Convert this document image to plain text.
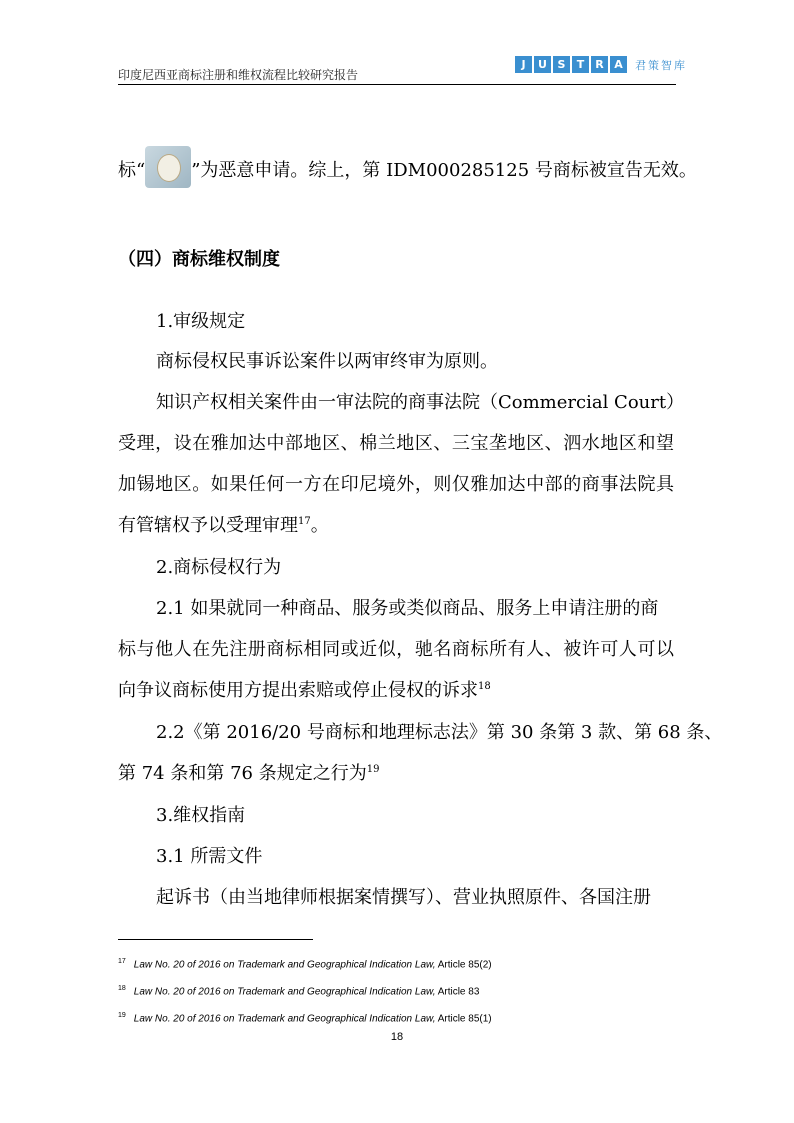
印度尼西亚商标注册和维权流程比较研究报告
J	U S	T	R A	君策智库
标“	”为恶意申请。综上，第 IDM000285125 号商标被宣告无效。
（四）商标维权制度
1.审级规定
商标侵权民事诉讼案件以两审终审为原则。
知识产权相关案件由一审法院的商事法院（Commercial Court）
受理，设在雅加达中部地区、棉兰地区、三宝垄地区、泗水地区和望
加锡地区。如果任何一方在印尼境外，则仅雅加达中部的商事法院具
有管辖权予以受理审理$^{17}$。
2.商标侵权行为
2.1 如果就同一种商品、服务或类似商品、服务上申请注册的商
标与他人在先注册商标相同或近似，驰名商标所有人、被许可人可以
向争议商标使用方提出索赔或停止侵权的诉求$^{18}$
2.2《第 2016/20 号商标和地理标志法》第 30 条第 3 款、第 68 条、
第 74 条和第 76 条规定之行为$^{19}$
3.维权指南
3.1 所需文件
起诉书（由当地律师根据案情撰写）、营业执照原件、各国注册
$^{17}$ Law No. 20 of 2016 on Trademark and Geographical Indication Law, Article 85(2)
$^{18}$ Law No. 20 of 2016 on Trademark and Geographical Indication Law, Article 83
$^{19}$ Law No. 20 of 2016 on Trademark and Geographical Indication Law, Article 85(1)
18
